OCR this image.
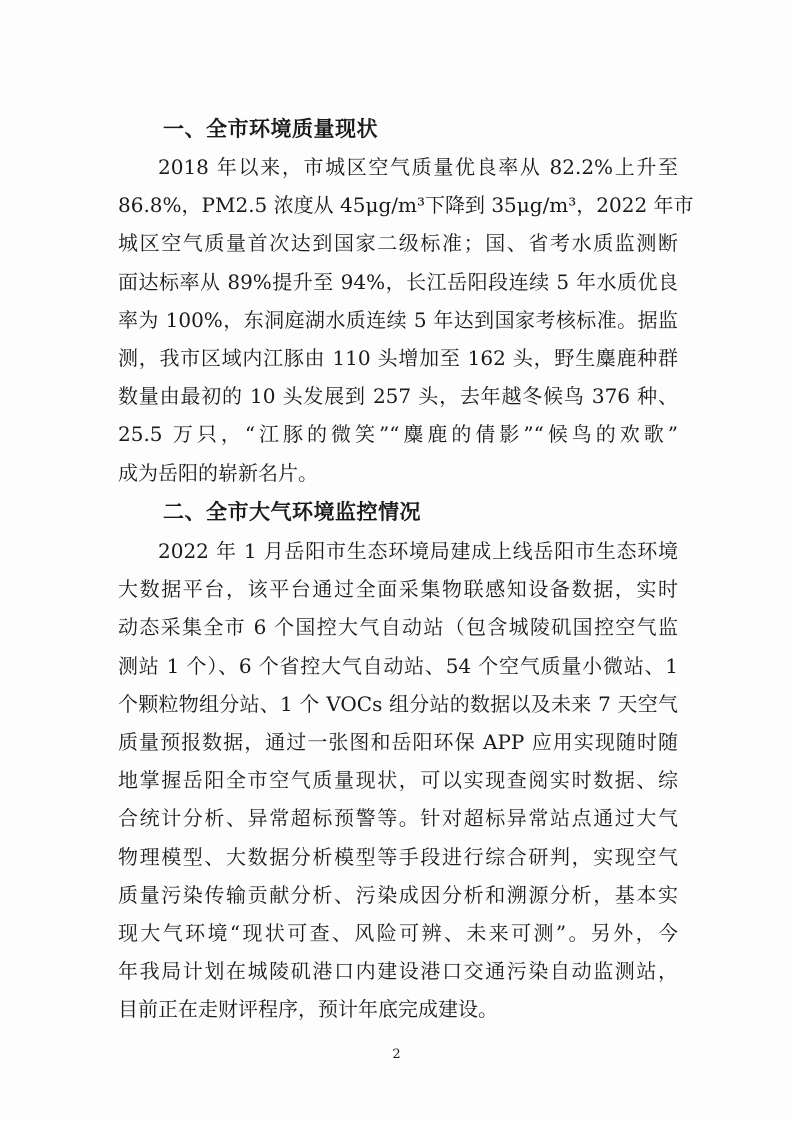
一、全市环境质量现状
2018 年以来，市城区空气质量优良率从 82.2%上升至
86.8%，PM2.5 浓度从 45μg/m³下降到 35μg/m³，2022 年市
城区空气质量首次达到国家二级标准；国、省考水质监测断
面达标率从 89%提升至 94%，长江岳阳段连续 5 年水质优良
率为 100%，东洞庭湖水质连续 5 年达到国家考核标准。据监
测，我市区域内江豚由 110 头增加至 162 头，野生麋鹿种群
数量由最初的 10 头发展到 257 头，去年越冬候鸟 376 种、
25.5 万只，“江豚的微笑”“麋鹿的倩影”“候鸟的欢歌”
成为岳阳的崭新名片。
二、全市大气环境监控情况
2022 年 1 月岳阳市生态环境局建成上线岳阳市生态环境
大数据平台，该平台通过全面采集物联感知设备数据，实时
动态采集全市 6 个国控大气自动站（包含城陵矶国控空气监
测站 1 个）、6 个省控大气自动站、54 个空气质量小微站、1
个颗粒物组分站、1 个 VOCs 组分站的数据以及未来 7 天空气
质量预报数据，通过一张图和岳阳环保 APP 应用实现随时随
地掌握岳阳全市空气质量现状，可以实现查阅实时数据、综
合统计分析、异常超标预警等。针对超标异常站点通过大气
物理模型、大数据分析模型等手段进行综合研判，实现空气
质量污染传输贡献分析、污染成因分析和溯源分析，基本实
现大气环境“现状可查、风险可辨、未来可测”。另外，今
年我局计划在城陵矶港口内建设港口交通污染自动监测站，
目前正在走财评程序，预计年底完成建设。
2
